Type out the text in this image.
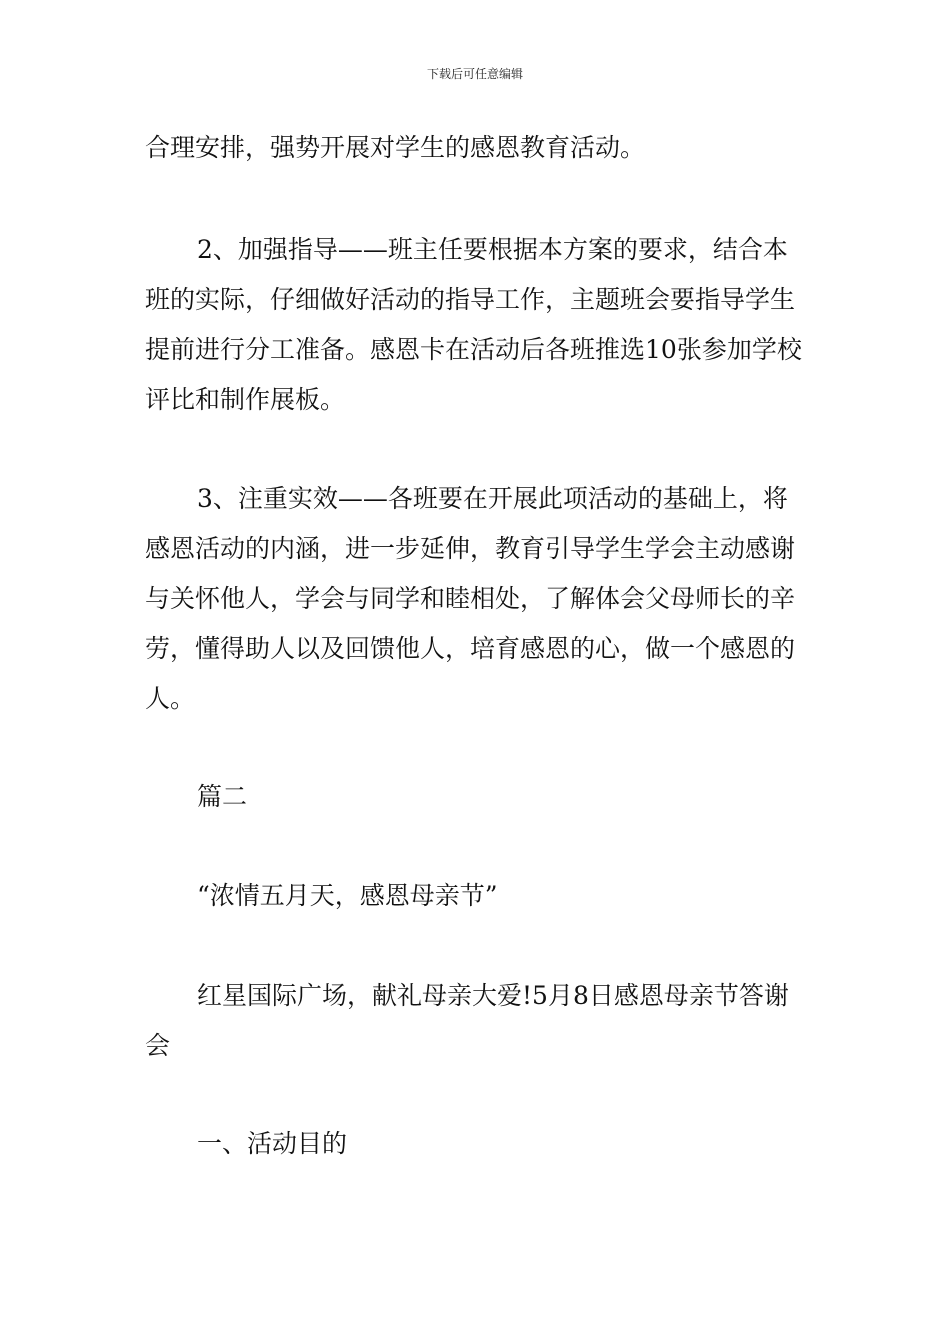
下载后可任意编辑

合理安排，强势开展对学生的感恩教育活动。

2、加强指导——班主任要根据本方案的要求，结合本班的实际，仔细做好活动的指导工作，主题班会要指导学生提前进行分工准备。感恩卡在活动后各班推选10张参加学校评比和制作展板。

3、注重实效——各班要在开展此项活动的基础上，将感恩活动的内涵，进一步延伸，教育引导学生学会主动感谢与关怀他人，学会与同学和睦相处，了解体会父母师长的辛劳，懂得助人以及回馈他人，培育感恩的心，做一个感恩的人。

篇二

“浓情五月天，感恩母亲节”

红星国际广场，献礼母亲大爱!5月8日感恩母亲节答谢会

一、活动目的
